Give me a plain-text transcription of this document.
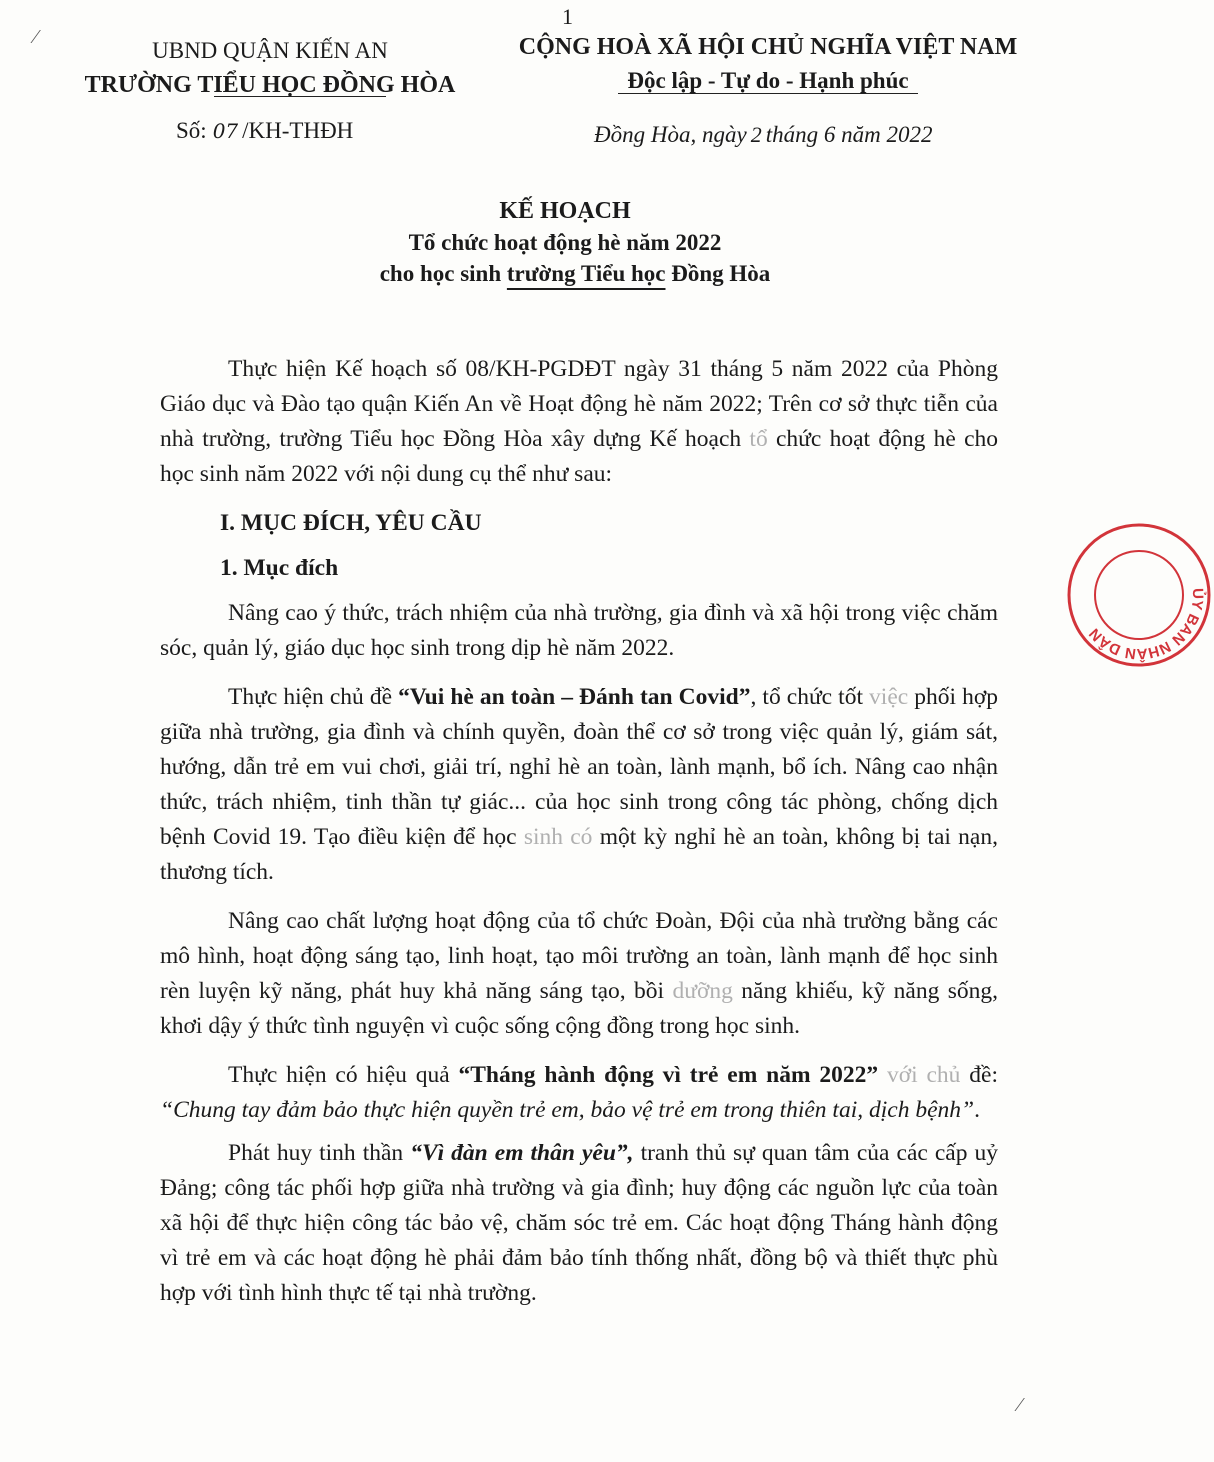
1
UBND QUẬN KIẾN AN
TRƯỜNG TIỂU HỌC ĐỒNG HÒA
CỘNG HOÀ XÃ HỘI CHỦ NGHĨA VIỆT NAM
Độc lập - Tự do - Hạnh phúc
Số: 07 /KH-THĐH	Đồng Hòa, ngày 2 tháng 6 năm 2022
KẾ HOẠCH
Tổ chức hoạt động hè năm 2022
cho học sinh trường Tiểu học Đồng Hòa

Thực hiện Kế hoạch số 08/KH-PGDĐT ngày 31 tháng 5 năm 2022 của Phòng Giáo dục và Đào tạo quận Kiến An về Hoạt động hè năm 2022; Trên cơ sở thực tiễn của nhà trường, trường Tiểu học Đồng Hòa xây dựng Kế hoạch tổ chức hoạt động hè cho học sinh năm 2022 với nội dung cụ thể như sau:

I. MỤC ĐÍCH, YÊU CẦU
1. Mục đích

Nâng cao ý thức, trách nhiệm của nhà trường, gia đình và xã hội trong việc chăm sóc, quản lý, giáo dục học sinh trong dịp hè năm 2022.

Thực hiện chủ đề “Vui hè an toàn – Đánh tan Covid”, tổ chức tốt việc phối hợp giữa nhà trường, gia đình và chính quyền, đoàn thể cơ sở trong việc quản lý, giám sát, hướng, dẫn trẻ em vui chơi, giải trí, nghỉ hè an toàn, lành mạnh, bổ ích. Nâng cao nhận thức, trách nhiệm, tinh thần tự giác... của học sinh trong công tác phòng, chống dịch bệnh Covid 19. Tạo điều kiện để học sinh có một kỳ nghỉ hè an toàn, không bị tai nạn, thương tích.

Nâng cao chất lượng hoạt động của tổ chức Đoàn, Đội của nhà trường bằng các mô hình, hoạt động sáng tạo, linh hoạt, tạo môi trường an toàn, lành mạnh để học sinh rèn luyện kỹ năng, phát huy khả năng sáng tạo, bồi dưỡng năng khiếu, kỹ năng sống, khơi dậy ý thức tình nguyện vì cuộc sống cộng đồng trong học sinh.

Thực hiện có hiệu quả “Tháng hành động vì trẻ em năm 2022” với chủ đề: “Chung tay đảm bảo thực hiện quyền trẻ em, bảo vệ trẻ em trong thiên tai, dịch bệnh”.

Phát huy tinh thần “Vì đàn em thân yêu”, tranh thủ sự quan tâm của các cấp uỷ Đảng; công tác phối hợp giữa nhà trường và gia đình; huy động các nguồn lực của toàn xã hội để thực hiện công tác bảo vệ, chăm sóc trẻ em. Các hoạt động Tháng hành động vì trẻ em và các hoạt động hè phải đảm bảo tính thống nhất, đồng bộ và thiết thực phù hợp với tình hình thực tế tại nhà trường.

ỦY BAN NHÂN DÂN
⁄
⁄
